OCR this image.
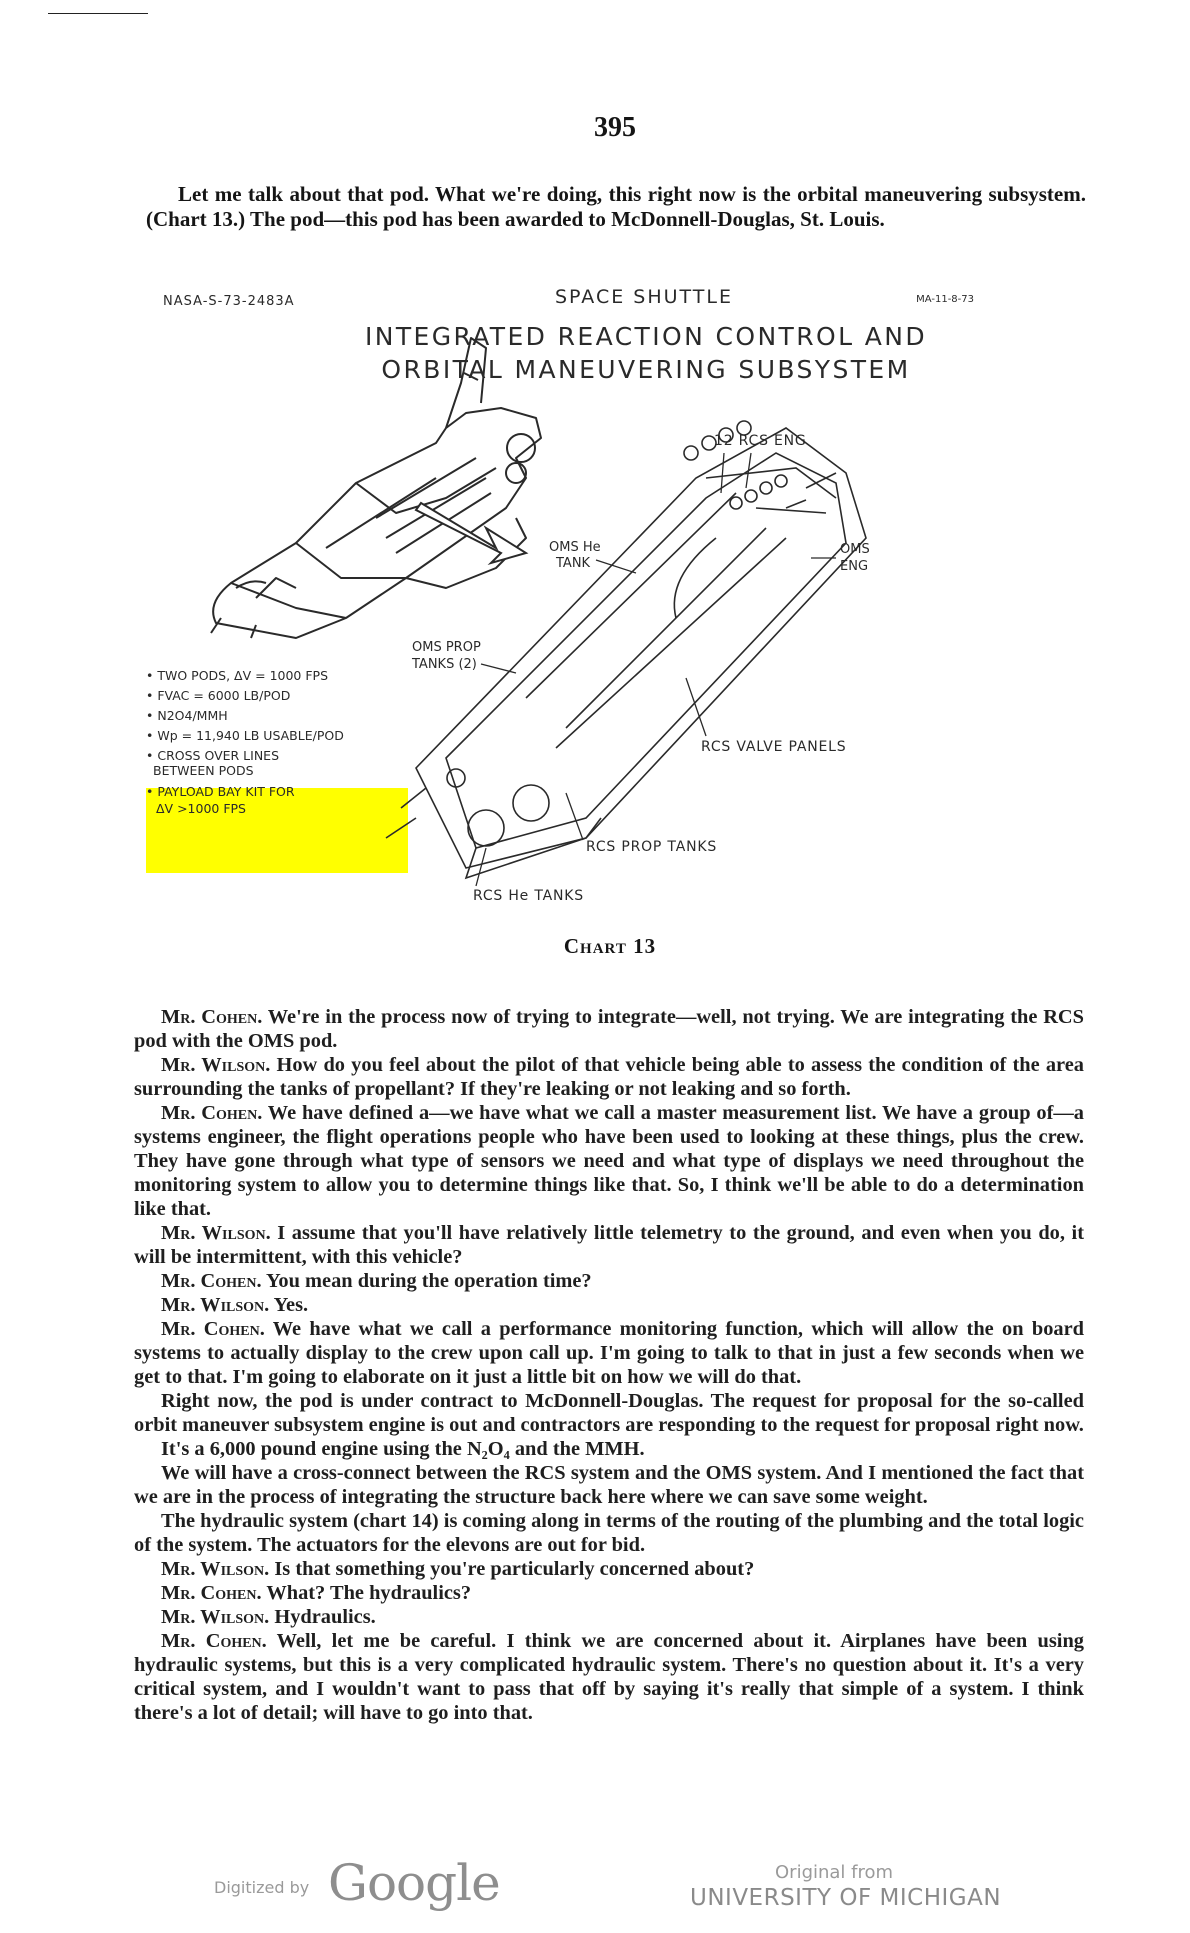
395

Let me talk about that pod. What we're doing, this right now is the orbital maneuvering subsystem. (Chart 13.) The pod—this pod has been awarded to McDonnell-Douglas, St. Louis.

NASA-S-73-2483A	MA-11-8-73
SPACE SHUTTLE
INTEGRATED REACTION CONTROL AND
ORBITAL MANEUVERING SUBSYSTEM
12 RCS ENG
OMS He
TANK
OMS
ENG
OMS PROP
TANKS (2)
RCS VALVE PANELS
RCS PROP TANKS
RCS He TANKS
• TWO PODS, ΔV = 1000 FPS
• FVAC = 6000 LB/POD
• N2O4/MMH
• Wp = 11,940 LB USABLE/POD
• CROSS OVER LINES
BETWEEN PODS
• PAYLOAD BAY KIT FOR
ΔV >1000 FPS
Chart 13

Mr. Cohen. We're in the process now of trying to integrate—well, not trying. We are integrating the RCS pod with the OMS pod.

Mr. Wilson. How do you feel about the pilot of that vehicle being able to assess the condition of the area surrounding the tanks of propellant? If they're leaking or not leaking and so forth.

Mr. Cohen. We have defined a—we have what we call a master measurement list. We have a group of—a systems engineer, the flight operations people who have been used to looking at these things, plus the crew. They have gone through what type of sensors we need and what type of displays we need throughout the monitoring system to allow you to determine things like that. So, I think we'll be able to do a determination like that.

Mr. Wilson. I assume that you'll have relatively little telemetry to the ground, and even when you do, it will be intermittent, with this vehicle?

Mr. Cohen. You mean during the operation time?

Mr. Wilson. Yes.

Mr. Cohen. We have what we call a performance monitoring function, which will allow the on board systems to actually display to the crew upon call up. I'm going to talk to that in just a few seconds when we get to that. I'm going to elaborate on it just a little bit on how we will do that.

Right now, the pod is under contract to McDonnell-Douglas. The request for proposal for the so-called orbit maneuver subsystem engine is out and contractors are responding to the request for proposal right now.

It's a 6,000 pound engine using the N₂O₄ and the MMH.

We will have a cross-connect between the RCS system and the OMS system. And I mentioned the fact that we are in the process of integrating the structure back here where we can save some weight.

The hydraulic system (chart 14) is coming along in terms of the routing of the plumbing and the total logic of the system. The actuators for the elevons are out for bid.

Mr. Wilson. Is that something you're particularly concerned about?

Mr. Cohen. What? The hydraulics?

Mr. Wilson. Hydraulics.

Mr. Cohen. Well, let me be careful. I think we are concerned about it. Airplanes have been using hydraulic systems, but this is a very complicated hydraulic system. There's no question about it. It's a very critical system, and I wouldn't want to pass that off by saying it's really that simple of a system. I think there's a lot of detail; will have to go into that.

Digitized by Google	Original from
UNIVERSITY OF MICHIGAN
